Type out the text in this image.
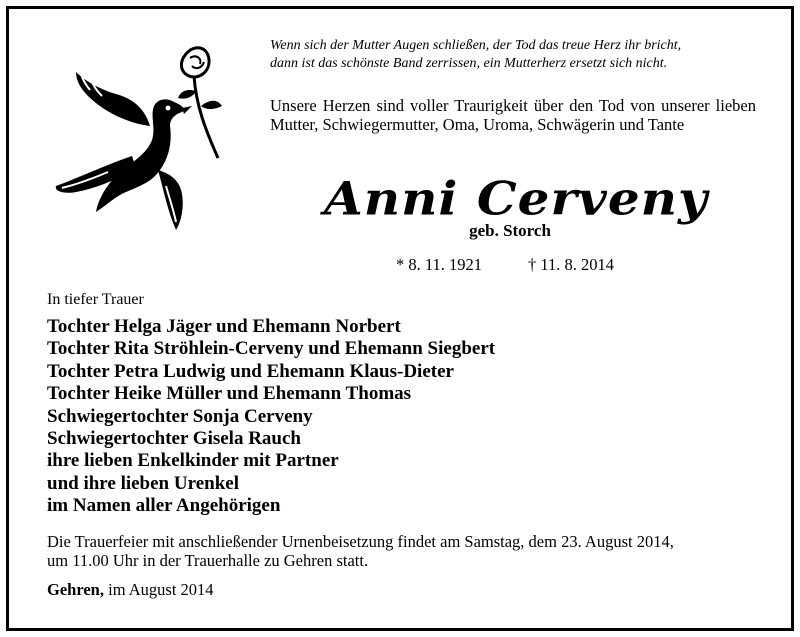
Wenn sich der Mutter Augen schließen, der Tod das treue Herz ihr bricht,
dann ist das schönste Band zerrissen, ein Mutterherz ersetzt sich nicht.
Unsere Herzen sind voller Traurigkeit über den Tod von unserer lieben Mutter, Schwiegermutter, Oma, Uroma, Schwägerin und Tante
Anni Cerveny
geb. Storch
* 8. 11. 1921	† 11. 8. 2014
In tiefer Trauer
Tochter Helga Jäger und Ehemann Norbert
Tochter Rita Ströhlein-Cerveny und Ehemann Siegbert
Tochter Petra Ludwig und Ehemann Klaus-Dieter
Tochter Heike Müller und Ehemann Thomas
Schwiegertochter Sonja Cerveny
Schwiegertochter Gisela Rauch
ihre lieben Enkelkinder mit Partner
und ihre lieben Urenkel
im Namen aller Angehörigen
Die Trauerfeier mit anschließender Urnenbeisetzung findet am Samstag, dem 23. August 2014,
um 11.00 Uhr in der Trauerhalle zu Gehren statt.
Gehren, im August 2014
